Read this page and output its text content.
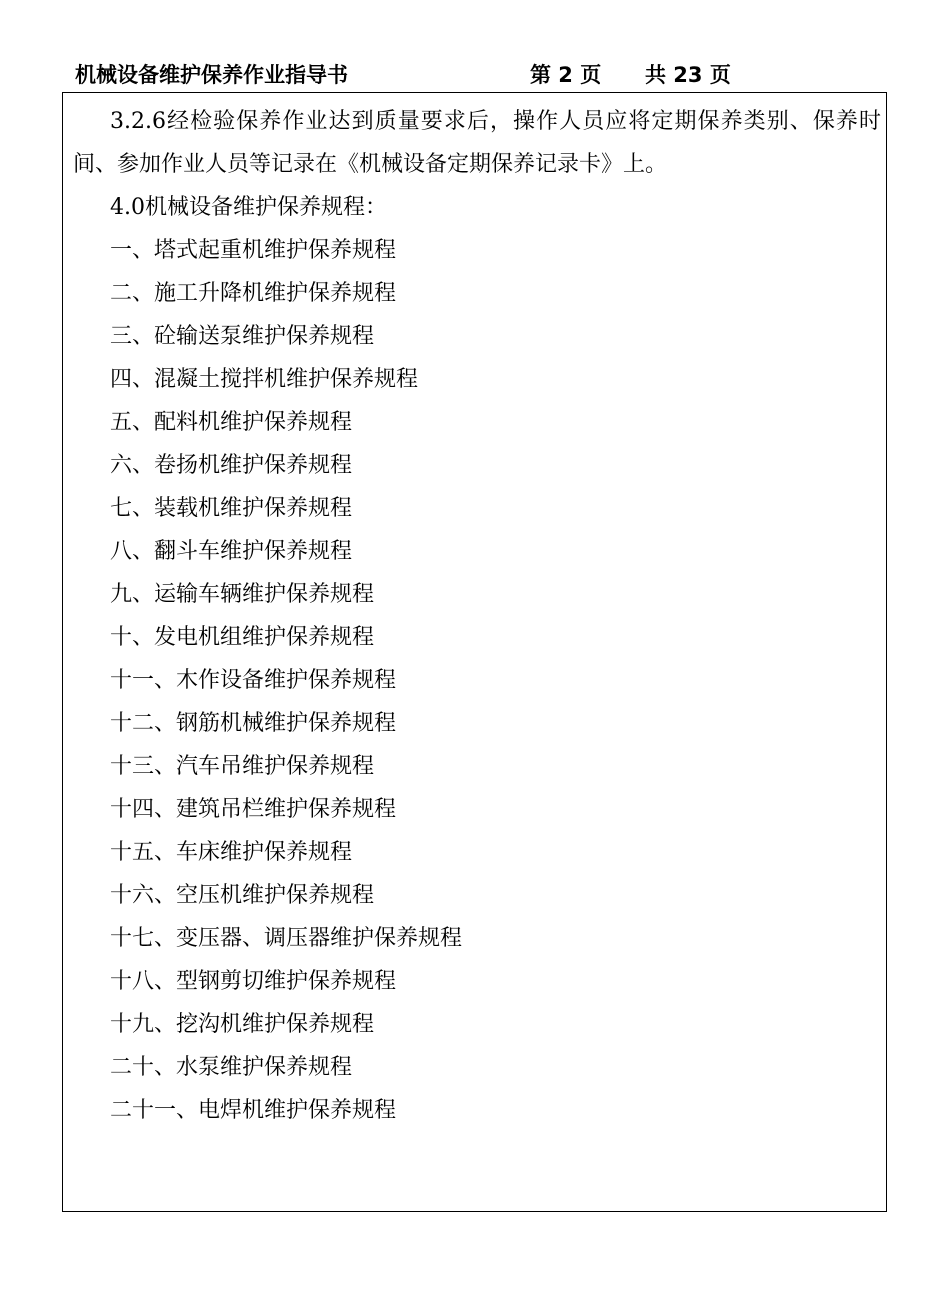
机械设备维护保养作业指导书	第 2 页 共 23 页

3.2.6经检验保养作业达到质量要求后，操作人员应将定期保养类别、保养时间、参加作业人员等记录在《机械设备定期保养记录卡》上。

4.0机械设备维护保养规程：

一、塔式起重机维护保养规程
二、施工升降机维护保养规程
三、砼输送泵维护保养规程
四、混凝土搅拌机维护保养规程
五、配料机维护保养规程
六、卷扬机维护保养规程
七、装载机维护保养规程
八、翻斗车维护保养规程
九、运输车辆维护保养规程
十、发电机组维护保养规程
十一、木作设备维护保养规程
十二、钢筋机械维护保养规程
十三、汽车吊维护保养规程
十四、建筑吊栏维护保养规程
十五、车床维护保养规程
十六、空压机维护保养规程
十七、变压器、调压器维护保养规程
十八、型钢剪切维护保养规程
十九、挖沟机维护保养规程
二十、水泵维护保养规程
二十一、电焊机维护保养规程
